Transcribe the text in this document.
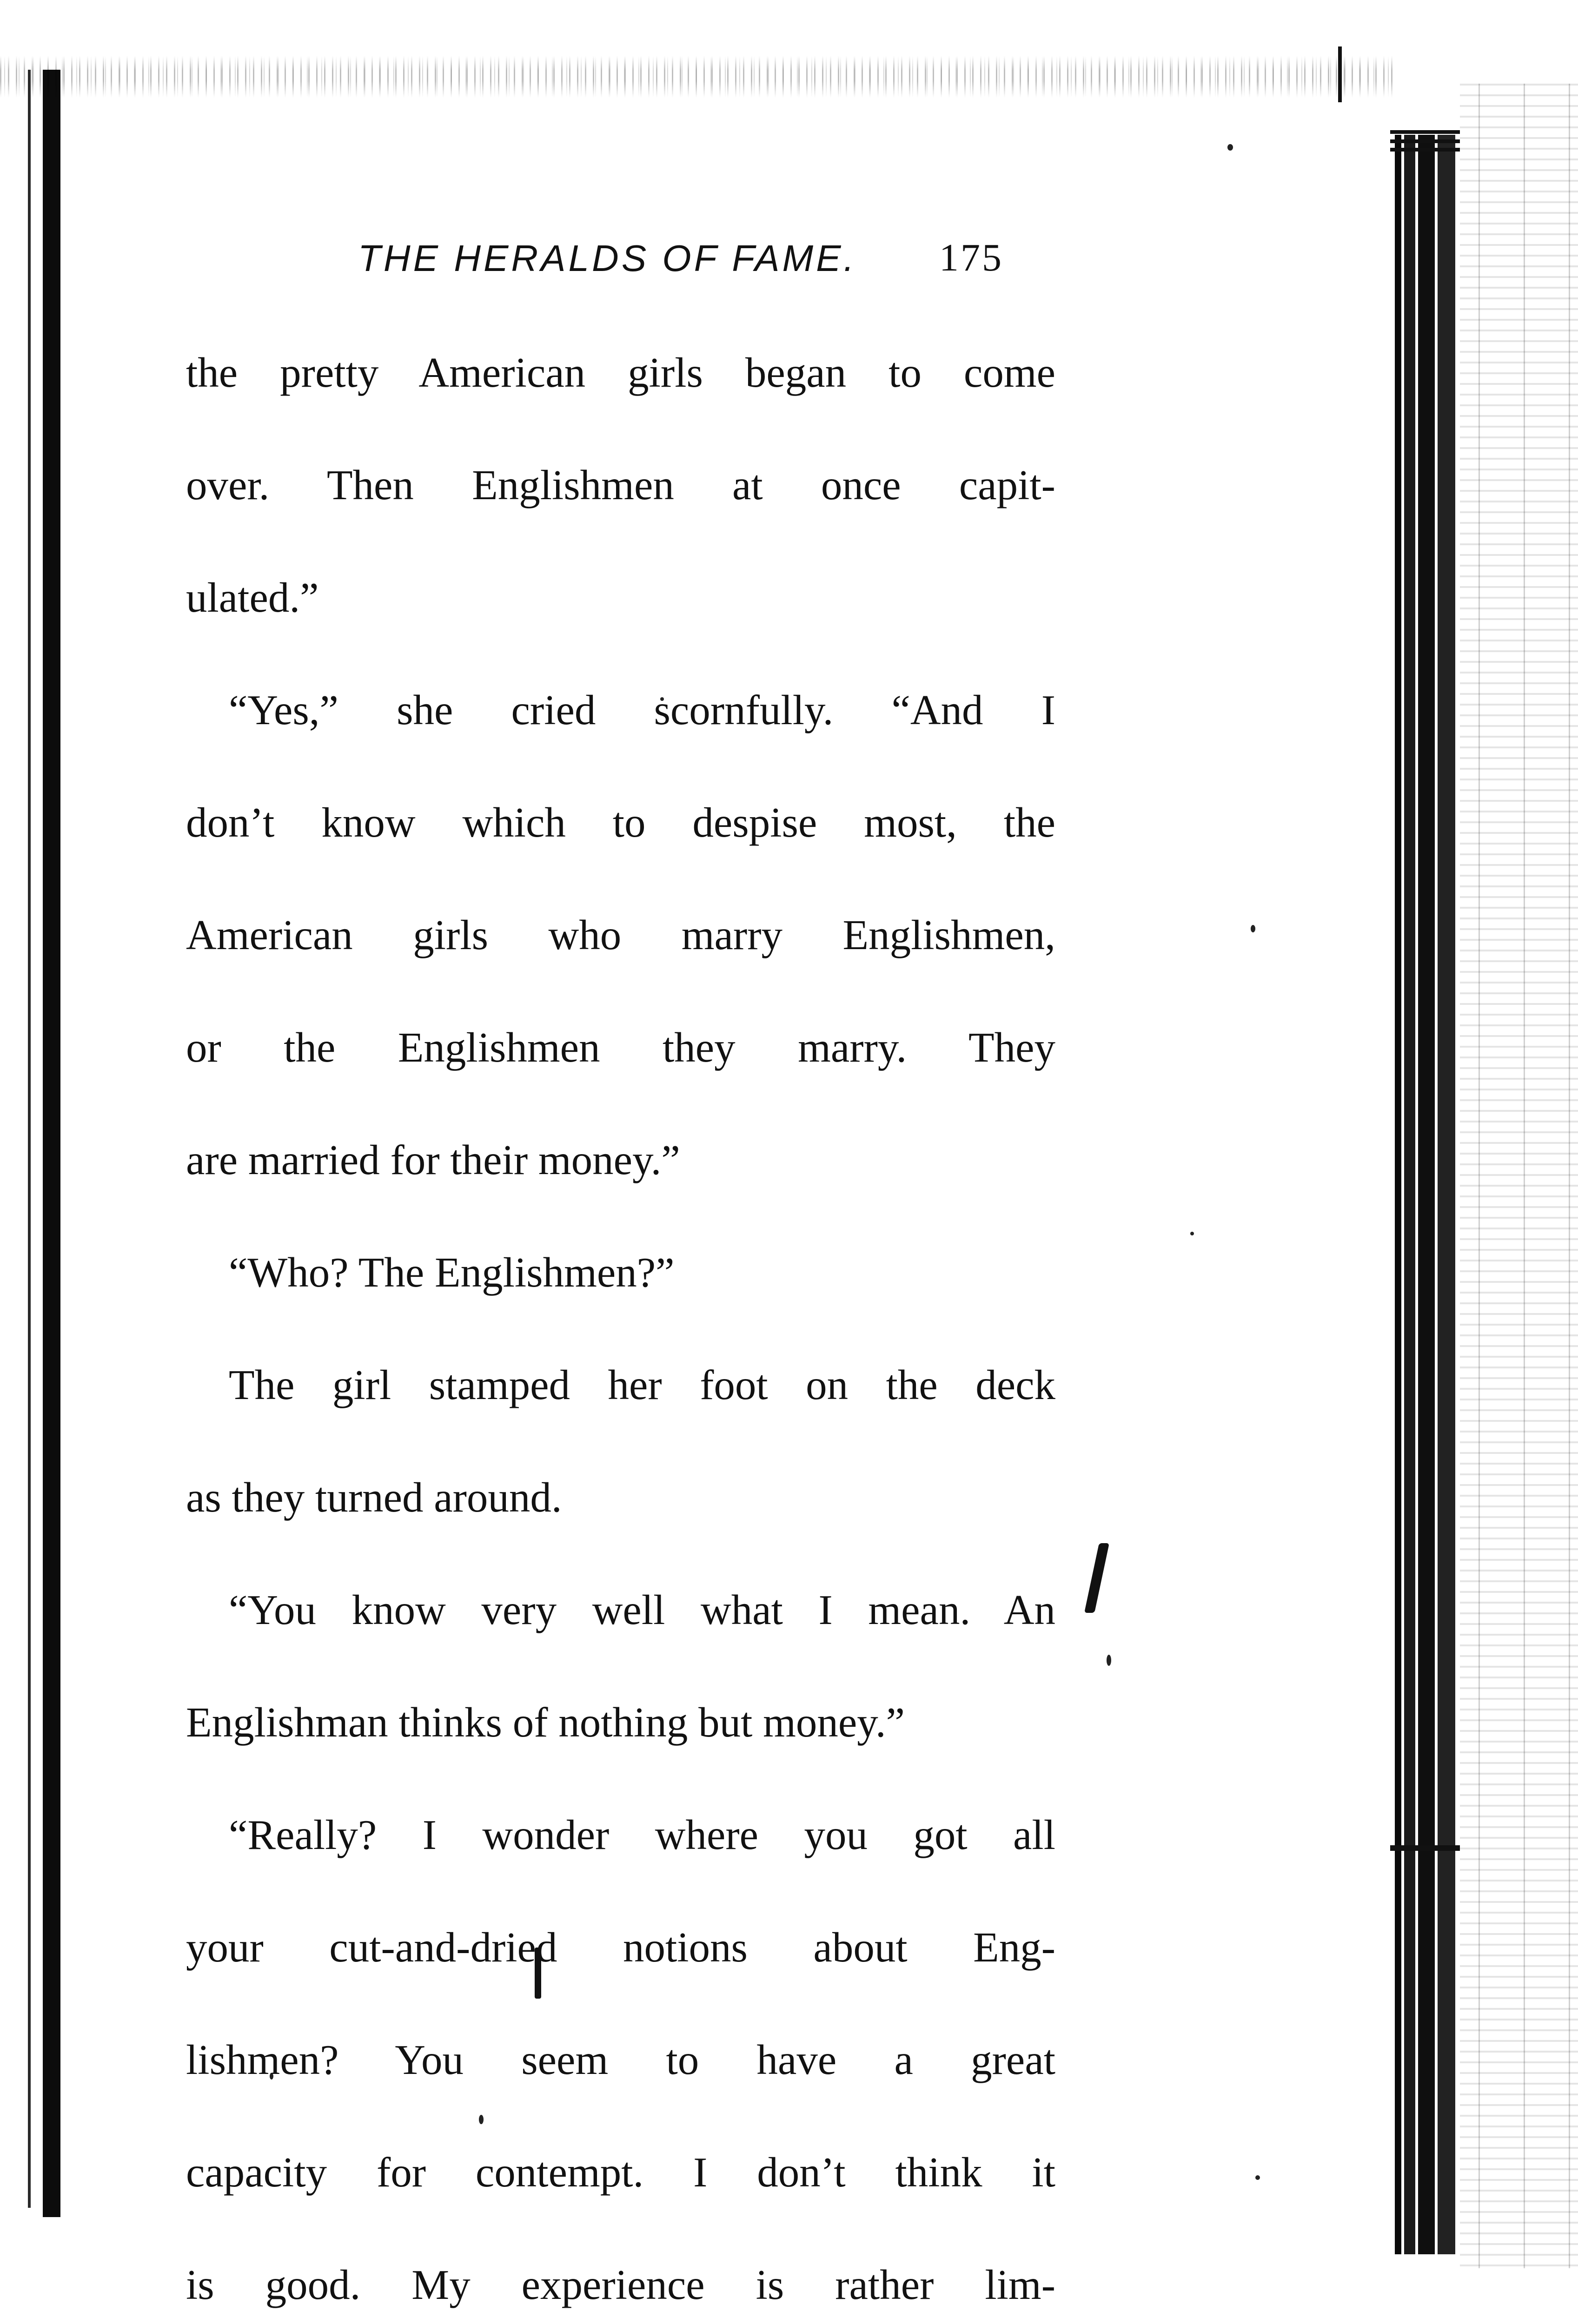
THE HERALDS OF FAME. 175

the pretty American girls began to come

over. Then Englishmen at once capit-

ulated.”

“Yes,” she cried scornfully. “And I

don’t know which to despise most, the

American girls who marry Englishmen,

or the Englishmen they marry. They

are married for their money.”

“Who? The Englishmen?”

The girl stamped her foot on the deck

as they turned around.

“You know very well what I mean. An

Englishman thinks of nothing but money.”

“Really? I wonder where you got all

your cut-and-dried notions about Eng-

lishmen? You seem to have a great

capacity for contempt. I don’t think it

is good. My experience is rather lim-
